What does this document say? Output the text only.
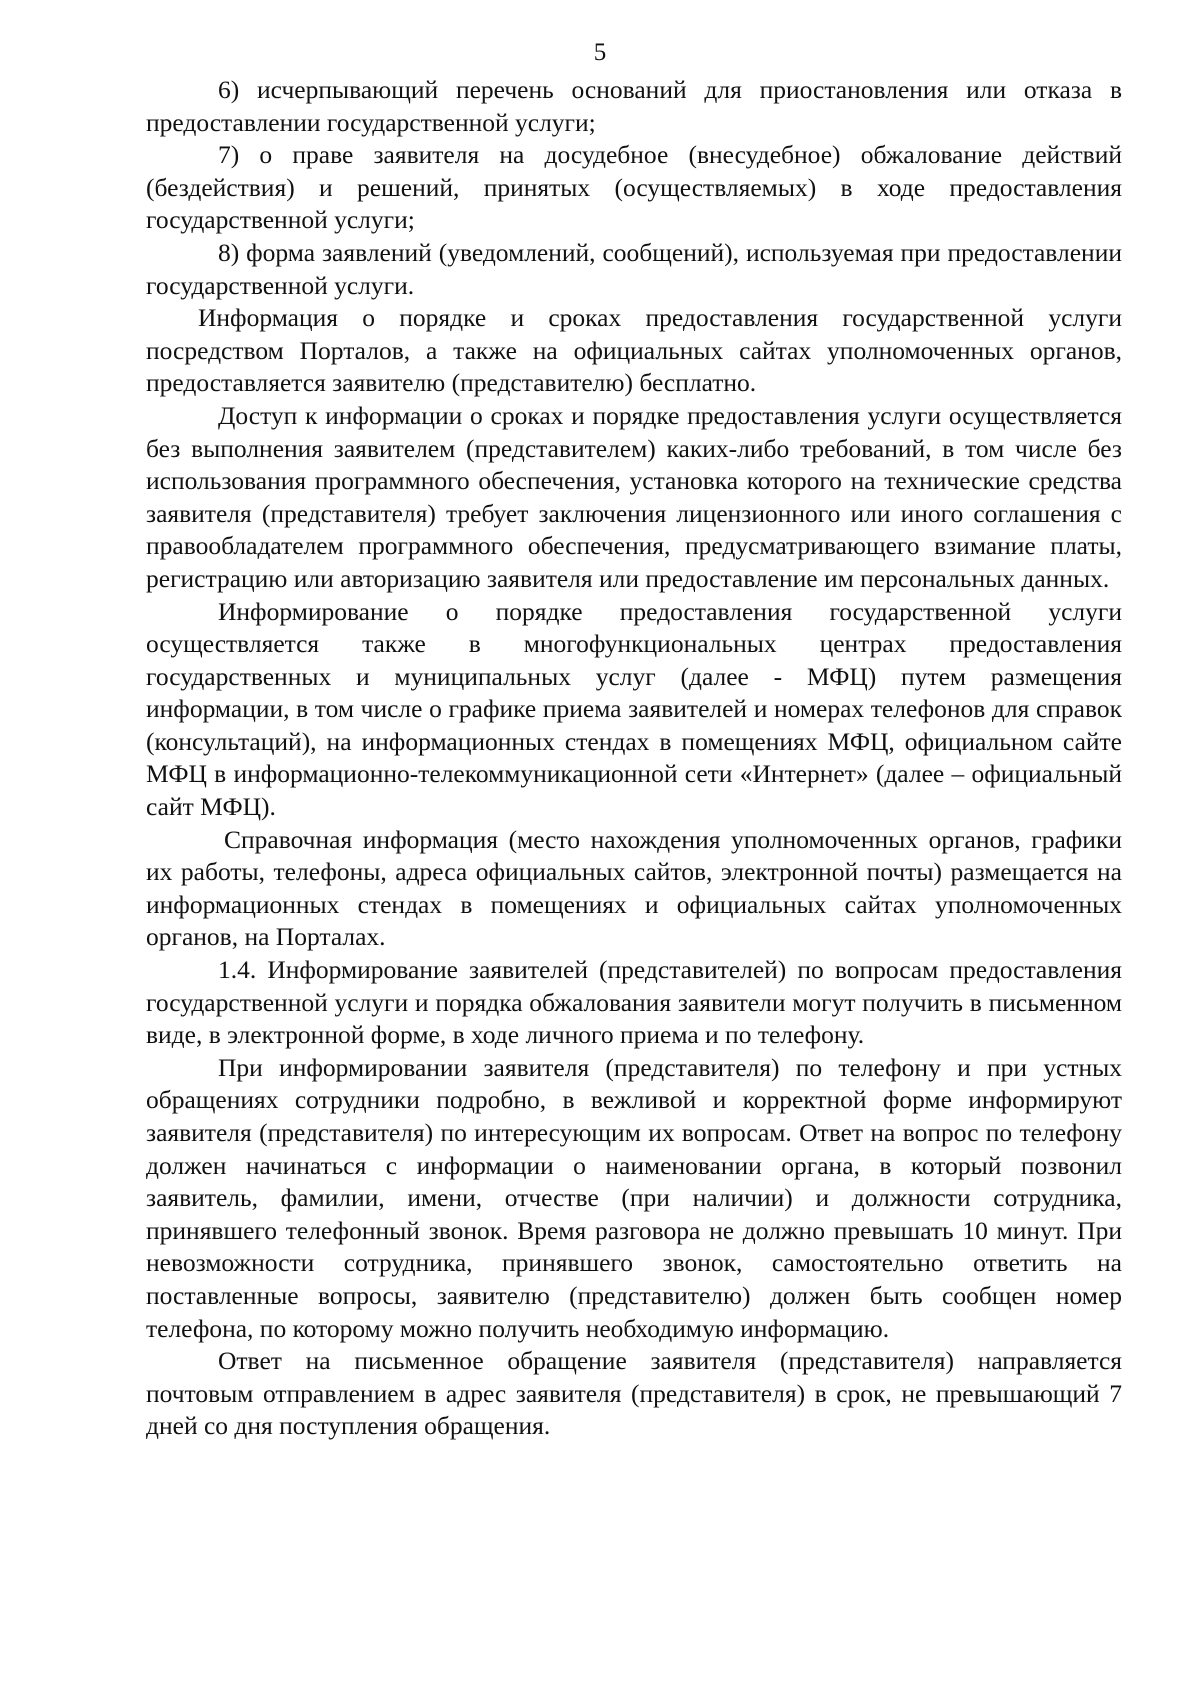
5

6) исчерпывающий перечень оснований для приостановления или отказа в предоставлении государственной услуги;

7) о праве заявителя на досудебное (внесудебное) обжалование действий (бездействия) и решений, принятых (осуществляемых) в ходе предоставления государственной услуги;

8) форма заявлений (уведомлений, сообщений), используемая при предоставлении государственной услуги.

Информация о порядке и сроках предоставления государственной услуги посредством Порталов, а также на официальных сайтах уполномоченных органов, предоставляется заявителю (представителю) бесплатно.

Доступ к информации о сроках и порядке предоставления услуги осуществляется без выполнения заявителем (представителем) каких-либо требований, в том числе без использования программного обеспечения, установка которого на технические средства заявителя (представителя) требует заключения лицензионного или иного соглашения с правообладателем программного обеспечения, предусматривающего взимание платы, регистрацию или авторизацию заявителя или предоставление им персональных данных.

Информирование о порядке предоставления государственной услуги осуществляется также в многофункциональных центрах предоставления государственных и муниципальных услуг (далее - МФЦ) путем размещения информации, в том числе о графике приема заявителей и номерах телефонов для справок (консультаций), на информационных стендах в помещениях МФЦ, официальном сайте МФЦ в информационно-телекоммуникационной сети «Интернет» (далее – официальный сайт МФЦ).

Справочная информация (место нахождения уполномоченных органов, графики их работы, телефоны, адреса официальных сайтов, электронной почты) размещается на информационных стендах в помещениях и официальных сайтах уполномоченных органов, на Порталах.

1.4. Информирование заявителей (представителей) по вопросам предоставления государственной услуги и порядка обжалования заявители могут получить в письменном виде, в электронной форме, в ходе личного приема и по телефону.

При информировании заявителя (представителя) по телефону и при устных обращениях сотрудники подробно, в вежливой и корректной форме информируют заявителя (представителя) по интересующим их вопросам. Ответ на вопрос по телефону должен начинаться с информации о наименовании органа, в который позвонил заявитель, фамилии, имени, отчестве (при наличии) и должности сотрудника, принявшего телефонный звонок. Время разговора не должно превышать 10 минут. При невозможности сотрудника, принявшего звонок, самостоятельно ответить на поставленные вопросы, заявителю (представителю) должен быть сообщен номер телефона, по которому можно получить необходимую информацию.

Ответ на письменное обращение заявителя (представителя) направляется почтовым отправлением в адрес заявителя (представителя) в срок, не превышающий 7 дней со дня поступления обращения.
